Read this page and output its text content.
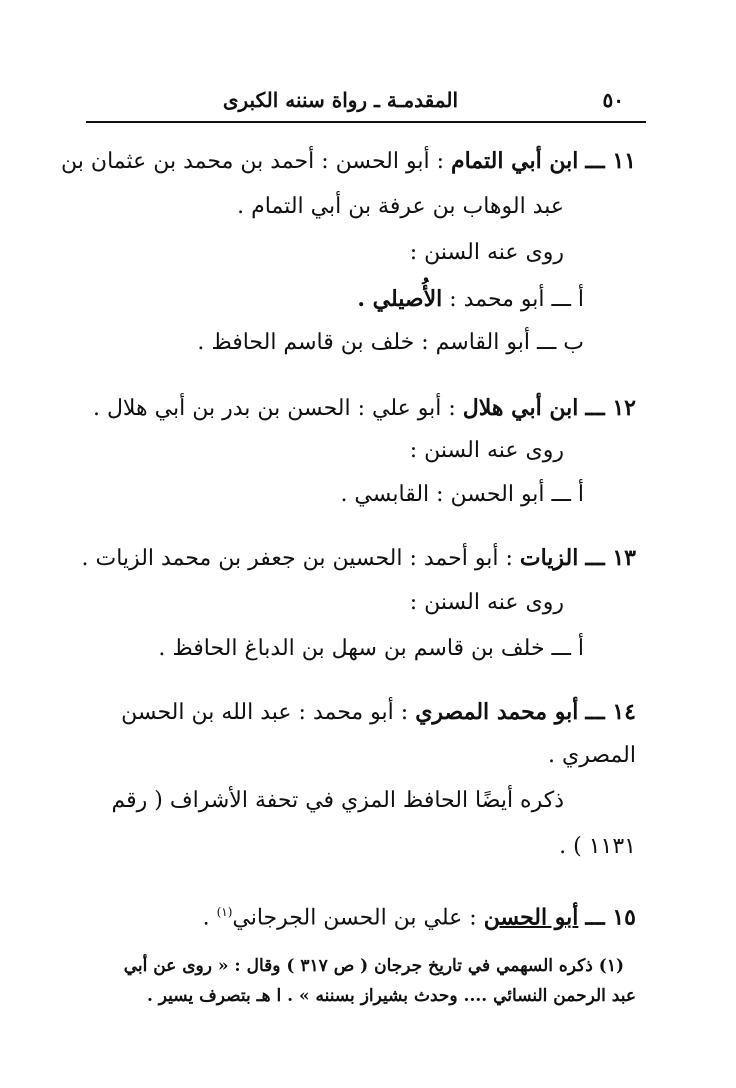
٥٠
المقدمـة ـ رواة سننه الكبرى
١١ ـــ ابن أبي التمام : أبو الحسن : أحمد بن محمد بن عثمان بن
عبد الوهاب بن عرفة بن أبي التمام .
روى عنه السنن :
أ ـــ أبو محمد : الأُصيلي .
ب ـــ أبو القاسم : خلف بن قاسم الحافظ .
١٢ ـــ ابن أبي هلال : أبو علي : الحسن بن بدر بن أبي هلال .
روى عنه السنن :
أ ـــ أبو الحسن : القابسي .
١٣ ـــ الزيات : أبو أحمد : الحسين بن جعفر بن محمد الزيات .
روى عنه السنن :
أ ـــ خلف بن قاسم بن سهل بن الدباغ الحافظ .
١٤ ـــ أبو محمد المصري : أبو محمد : عبد الله بن الحسن
المصري .
ذكره أيضًا الحافظ المزي في تحفة الأشراف ( رقم
١١٣١ ) .
١٥ ـــ أبو الحسن : علي بن الحسن الجرجاني$^{(١)}$ .
(١) ذكره السهمي في تاريخ جرجان ( ص ٣١٧ ) وقال : « روى عن أبي
عبد الرحمن النسائي .... وحدث بشيراز بسننه » . ا هـ بتصرف يسير .
